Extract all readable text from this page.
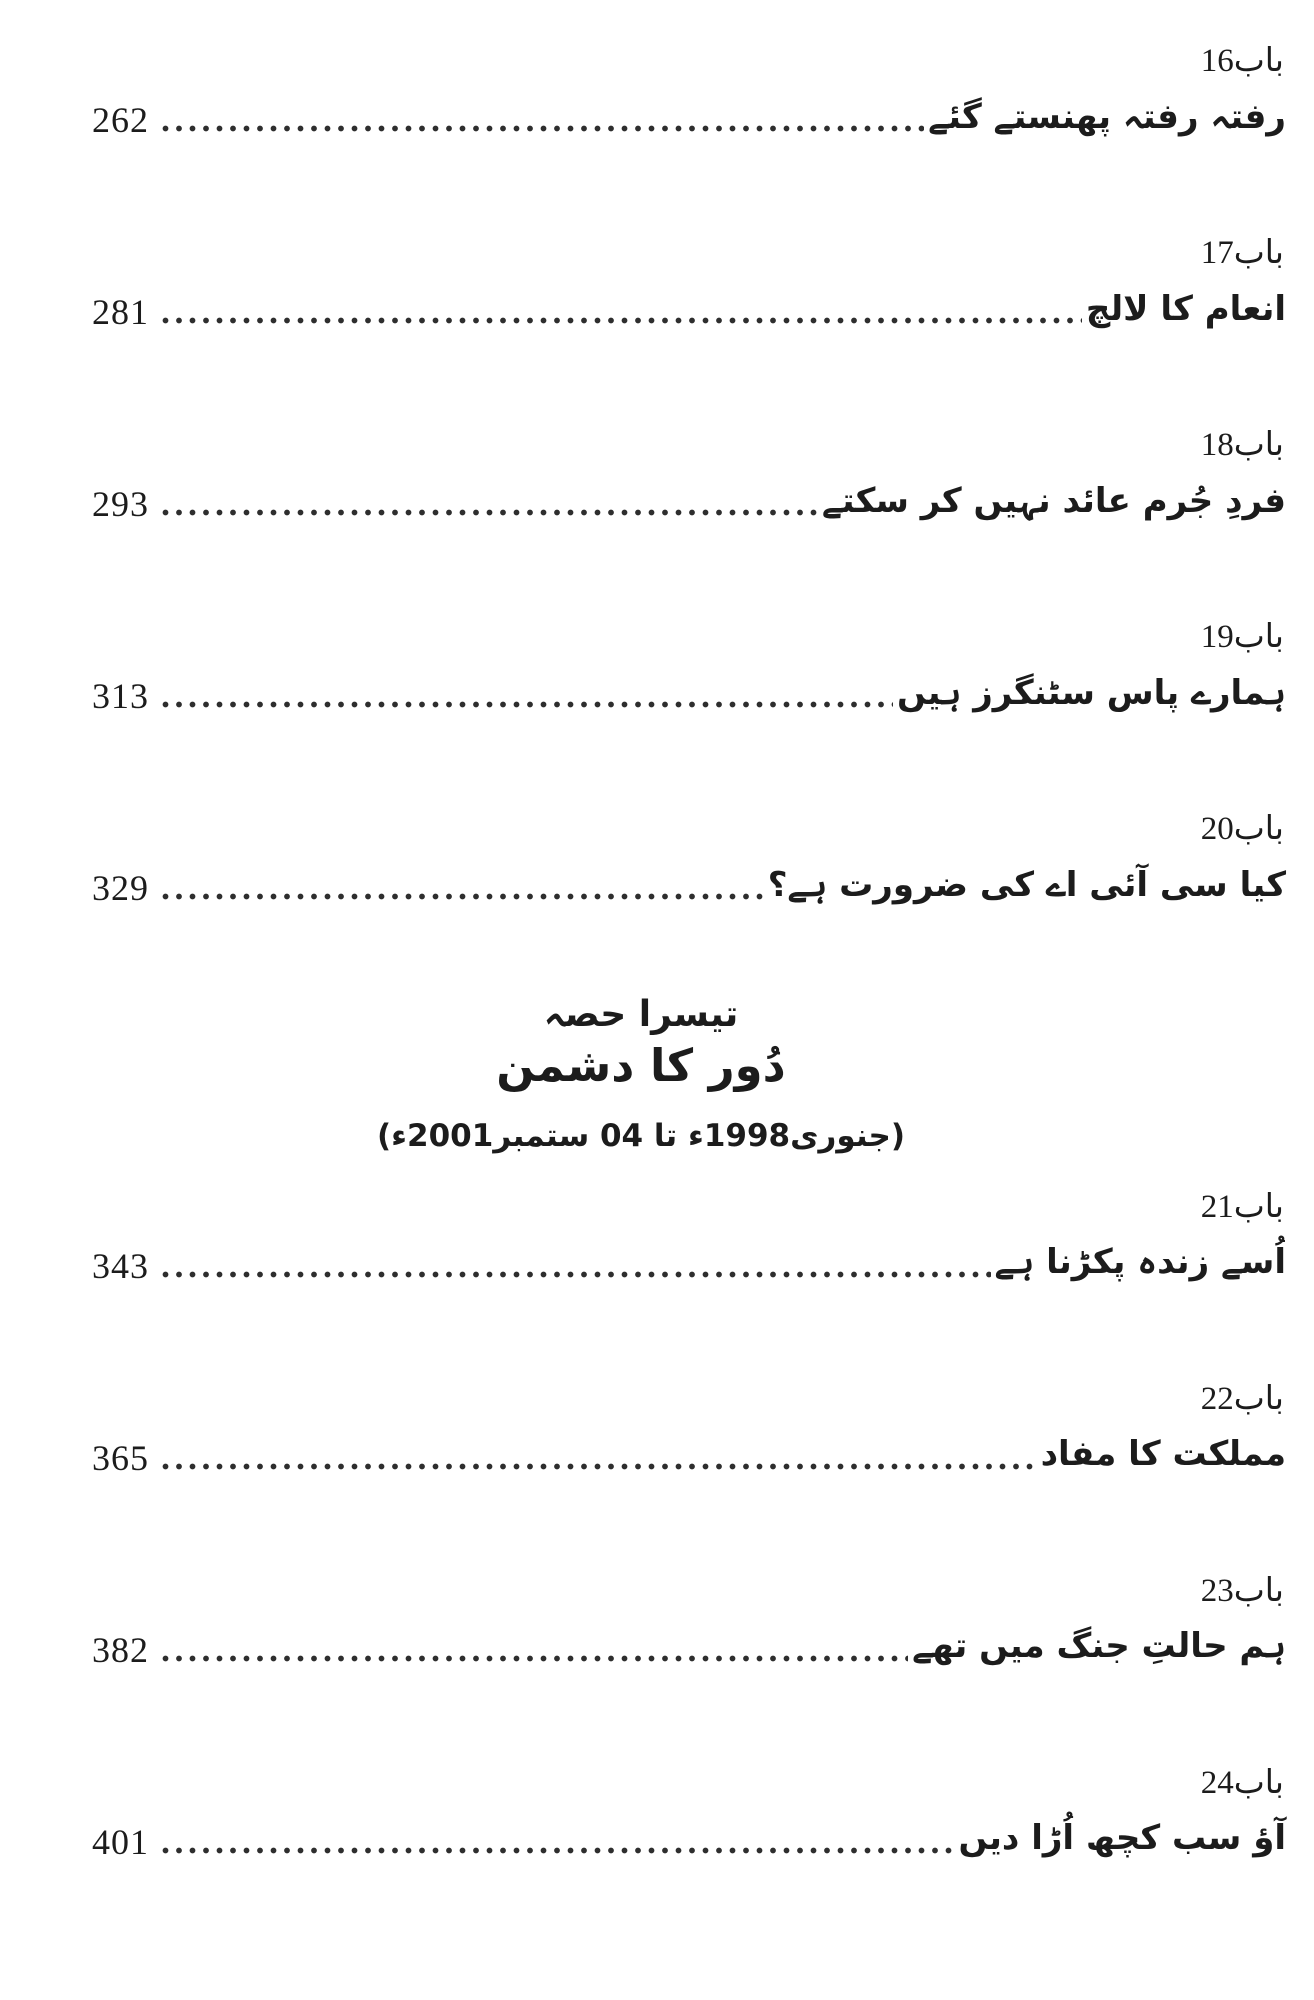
باب16
262	رفتہ رفتہ پھنستے گئے
باب17
281	انعام کا لالچ
باب18
293	فردِ جُرم عائد نہیں کر سکتے
باب19
313	ہمارے پاس سٹنگرز ہیں
باب20
329	کیا سی آئی اے کی ضرورت ہے؟
تیسرا حصہ
دُور کا دشمن
(جنوری1998ء تا 04 ستمبر2001ء)
باب21
343	اُسے زندہ پکڑنا ہے
باب22
365	مملکت کا مفاد
باب23
382	ہم حالتِ جنگ میں تھے
باب24
401	آؤ سب کچھ اُڑا دیں
